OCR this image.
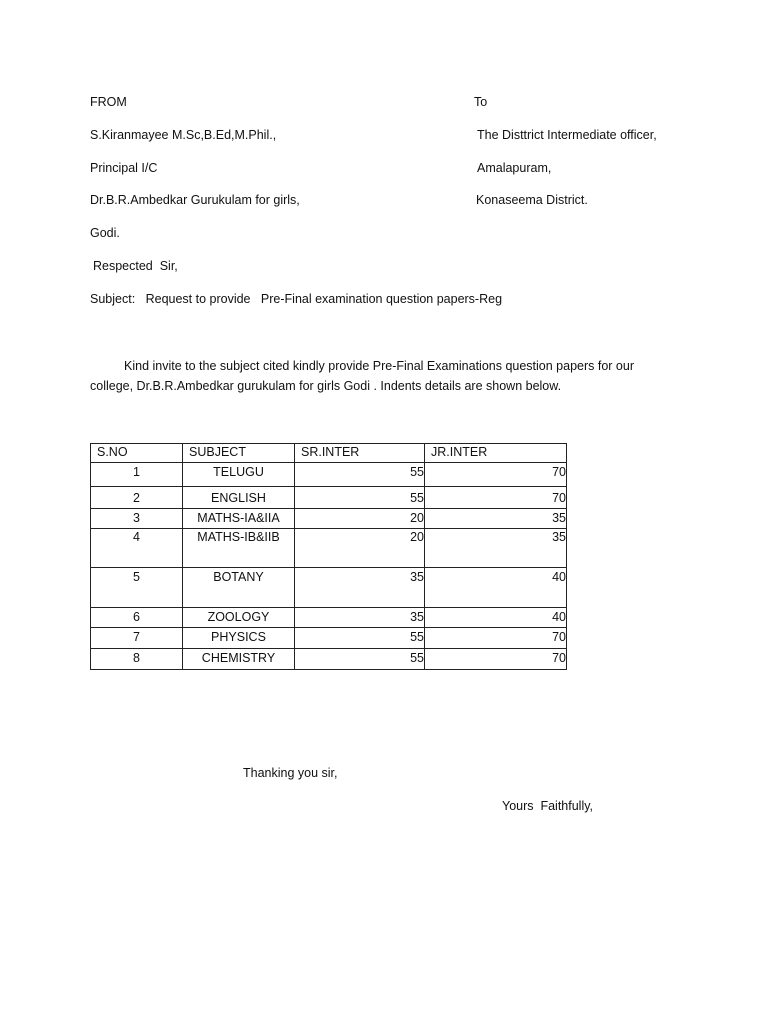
FROM	To
S.Kiranmayee M.Sc,B.Ed,M.Phil.,	The Disttrict Intermediate officer,
Principal I/C	Amalapuram,
Dr.B.R.Ambedkar Gurukulam for girls,	Konaseema District.
Godi.
Respected  Sir,
Subject:   Request to provide   Pre-Final examination question papers-Reg
Kind invite to the subject cited kindly provide Pre-Final Examinations question papers for our college, Dr.B.R.Ambedkar gurukulam for girls Godi . Indents details are shown below.
S.NO	SUBJECT	SR.INTER	JR.INTER
1	TELUGU	55	70
2	ENGLISH	55	70
3	MATHS-IA&IIA	20	35
4	MATHS-IB&IIB	20	35
5	BOTANY	35	40
6	ZOOLOGY	35	40
7	PHYSICS	55	70
8	CHEMISTRY	55	70
Thanking you sir,
Yours  Faithfully,
